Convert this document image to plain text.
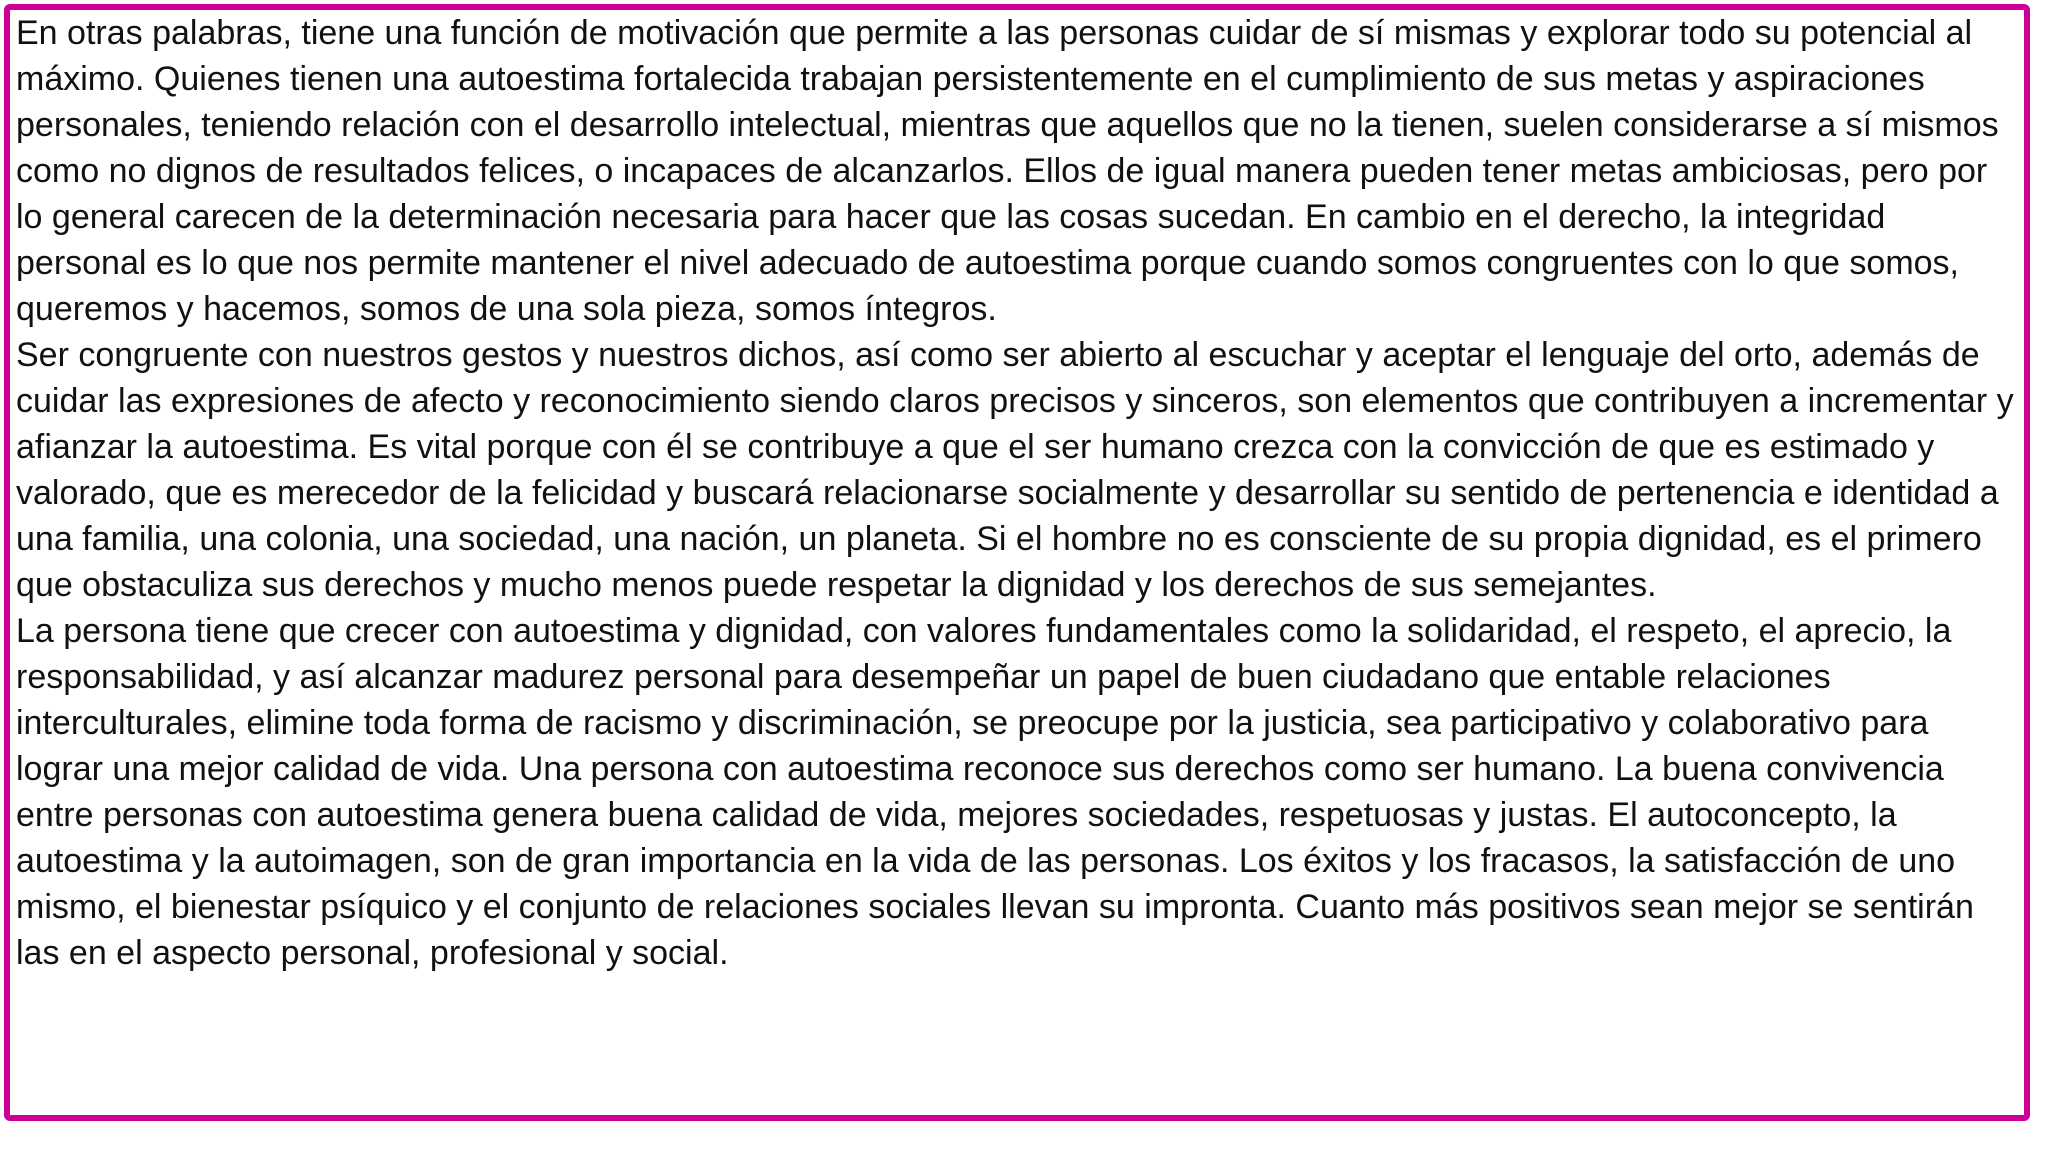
En otras palabras, tiene una función de motivación que permite a las personas cuidar de sí mismas y explorar todo su potencial al máximo. Quienes tienen una autoestima fortalecida trabajan persistentemente en el cumplimiento de sus metas y aspiraciones personales, teniendo relación con el desarrollo intelectual, mientras que aquellos que no la tienen, suelen considerarse a sí mismos como no dignos de resultados felices, o incapaces de alcanzarlos. Ellos de igual manera pueden tener metas ambiciosas, pero por lo general carecen de la determinación necesaria para hacer que las cosas sucedan. En cambio en el derecho, la integridad personal es lo que nos permite mantener el nivel adecuado de autoestima porque cuando somos congruentes con lo que somos, queremos y hacemos, somos de una sola pieza, somos íntegros.

Ser congruente con nuestros gestos y nuestros dichos, así como ser abierto al escuchar y aceptar el lenguaje del orto, además de cuidar las expresiones de afecto y reconocimiento siendo claros precisos y sinceros, son elementos que contribuyen a incrementar y afianzar la autoestima. Es vital porque con él se contribuye a que el ser humano crezca con la convicción de que es estimado y valorado, que es merecedor de la felicidad y buscará relacionarse socialmente y desarrollar su sentido de pertenencia e identidad a una familia, una colonia, una sociedad, una nación, un planeta. Si el hombre no es consciente de su propia dignidad, es el primero que obstaculiza sus derechos y mucho menos puede respetar la dignidad y los derechos de sus semejantes.

La persona tiene que crecer con autoestima y dignidad, con valores fundamentales como la solidaridad, el respeto, el aprecio, la responsabilidad, y así alcanzar madurez personal para desempeñar un papel de buen ciudadano que entable relaciones interculturales, elimine toda forma de racismo y discriminación, se preocupe por la justicia, sea participativo y colaborativo para lograr una mejor calidad de vida. Una persona con autoestima reconoce sus derechos como ser humano. La buena convivencia entre personas con autoestima genera buena calidad de vida, mejores sociedades, respetuosas y justas. El autoconcepto, la autoestima y la autoimagen, son de gran importancia en la vida de las personas. Los éxitos y los fracasos, la satisfacción de uno mismo, el bienestar psíquico y el conjunto de relaciones sociales llevan su impronta. Cuanto más positivos sean mejor se sentirán las en el aspecto personal, profesional y social.
